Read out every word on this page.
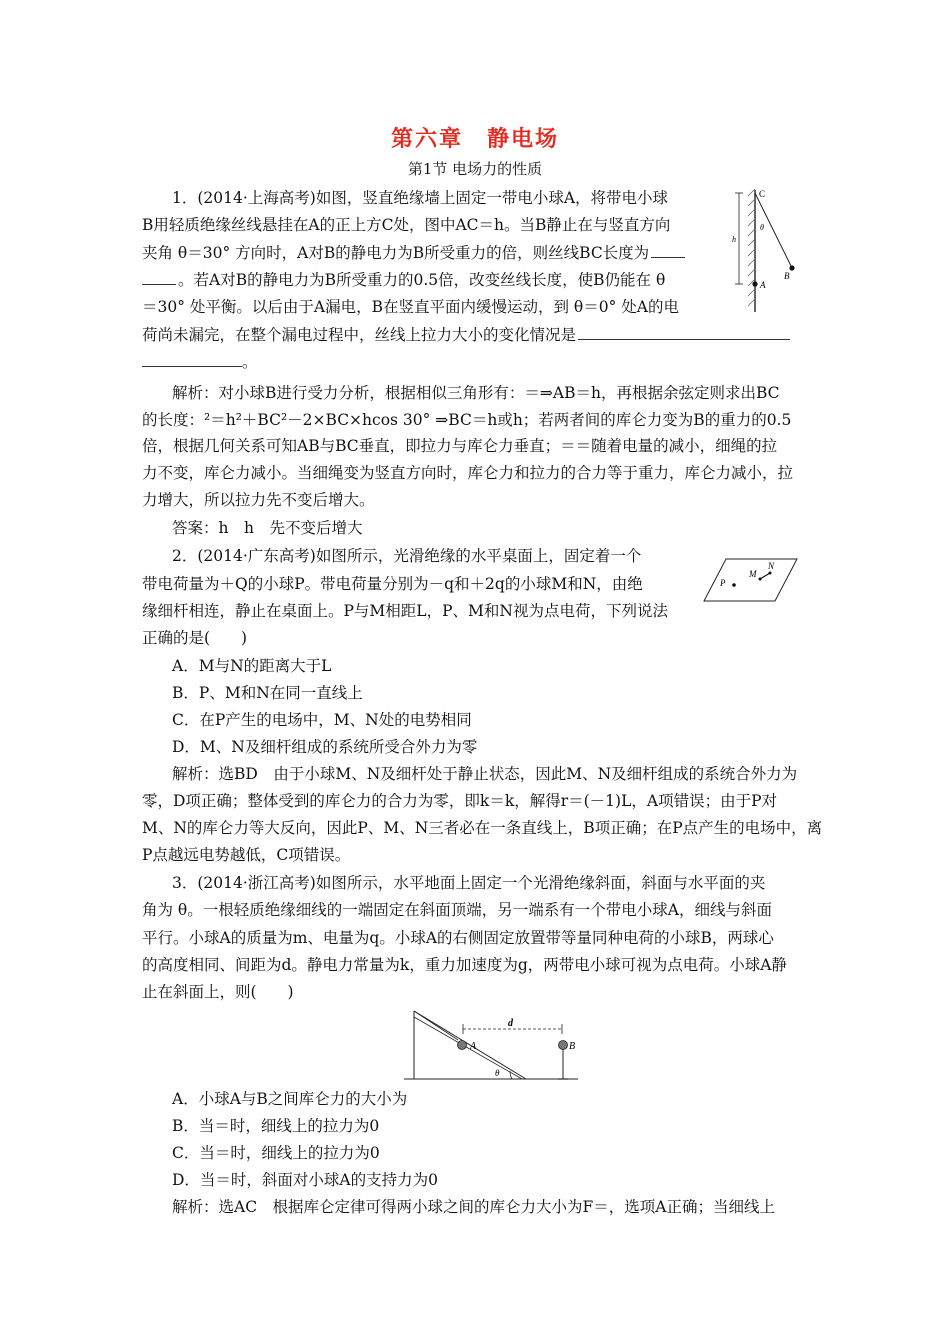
第六章　静电场
第1节 电场力的性质
1．(2014·上海高考)如图，竖直绝缘墙上固定一带电小球A，将带电小球
B用轻质绝缘丝线悬挂在A的正上方C处，图中AC＝h。当B静止在与竖直方向
夹角 θ＝30° 方向时，A对B的静电力为B所受重力的倍，则丝线BC长度为
。若A对B的静电力为B所受重力的0.5倍，改变丝线长度，使B仍能在 θ
＝30° 处平衡。以后由于A漏电，B在竖直平面内缓慢运动，到 θ＝0° 处A的电
荷尚未漏完，在整个漏电过程中，丝线上拉力大小的变化情况是
。
C
θ
h
B
A
解析：对小球B进行受力分析，根据相似三角形有：＝⇒AB＝h，再根据余弦定则求出BC
的长度：²＝h²＋BC²－2×BC×hcos 30° ⇒BC＝h或h；若两者间的库仑力变为B的重力的0.5
倍，根据几何关系可知AB与BC垂直，即拉力与库仑力垂直；＝＝随着电量的减小，细绳的拉
力不变，库仑力减小。当细绳变为竖直方向时，库仑力和拉力的合力等于重力，库仑力减小，拉
力增大，所以拉力先不变后增大。
答案：h　h　先不变后增大
2．(2014·广东高考)如图所示，光滑绝缘的水平桌面上，固定着一个
带电荷量为＋Q的小球P。带电荷量分别为－q和＋2q的小球M和N，由绝
缘细杆相连，静止在桌面上。P与M相距L，P、M和N视为点电荷，下列说法
正确的是(　　)
P
M
N
A．M与N的距离大于L
B．P、M和N在同一直线上
C．在P产生的电场中，M、N处的电势相同
D．M、N及细杆组成的系统所受合外力为零
解析：选BD　由于小球M、N及细杆处于静止状态，因此M、N及细杆组成的系统合外力为
零，D项正确；整体受到的库仑力的合力为零，即k＝k，解得r＝(－1)L，A项错误；由于P对
M、N的库仑力等大反向，因此P、M、N三者必在一条直线上，B项正确；在P点产生的电场中，离
P点越远电势越低，C项错误。
3．(2014·浙江高考)如图所示，水平地面上固定一个光滑绝缘斜面，斜面与水平面的夹
角为 θ。一根轻质绝缘细线的一端固定在斜面顶端，另一端系有一个带电小球A，细线与斜面
平行。小球A的质量为m、电量为q。小球A的右侧固定放置带等量同种电荷的小球B，两球心
的高度相同、间距为d。静电力常量为k，重力加速度为g，两带电小球可视为点电荷。小球A静
止在斜面上，则(　　)
d
A	B
θ
A．小球A与B之间库仑力的大小为
B．当＝时，细线上的拉力为0
C．当＝时，细线上的拉力为0
D．当＝时，斜面对小球A的支持力为0
解析：选AC　根据库仑定律可得两小球之间的库仑力大小为F＝，选项A正确；当细线上
